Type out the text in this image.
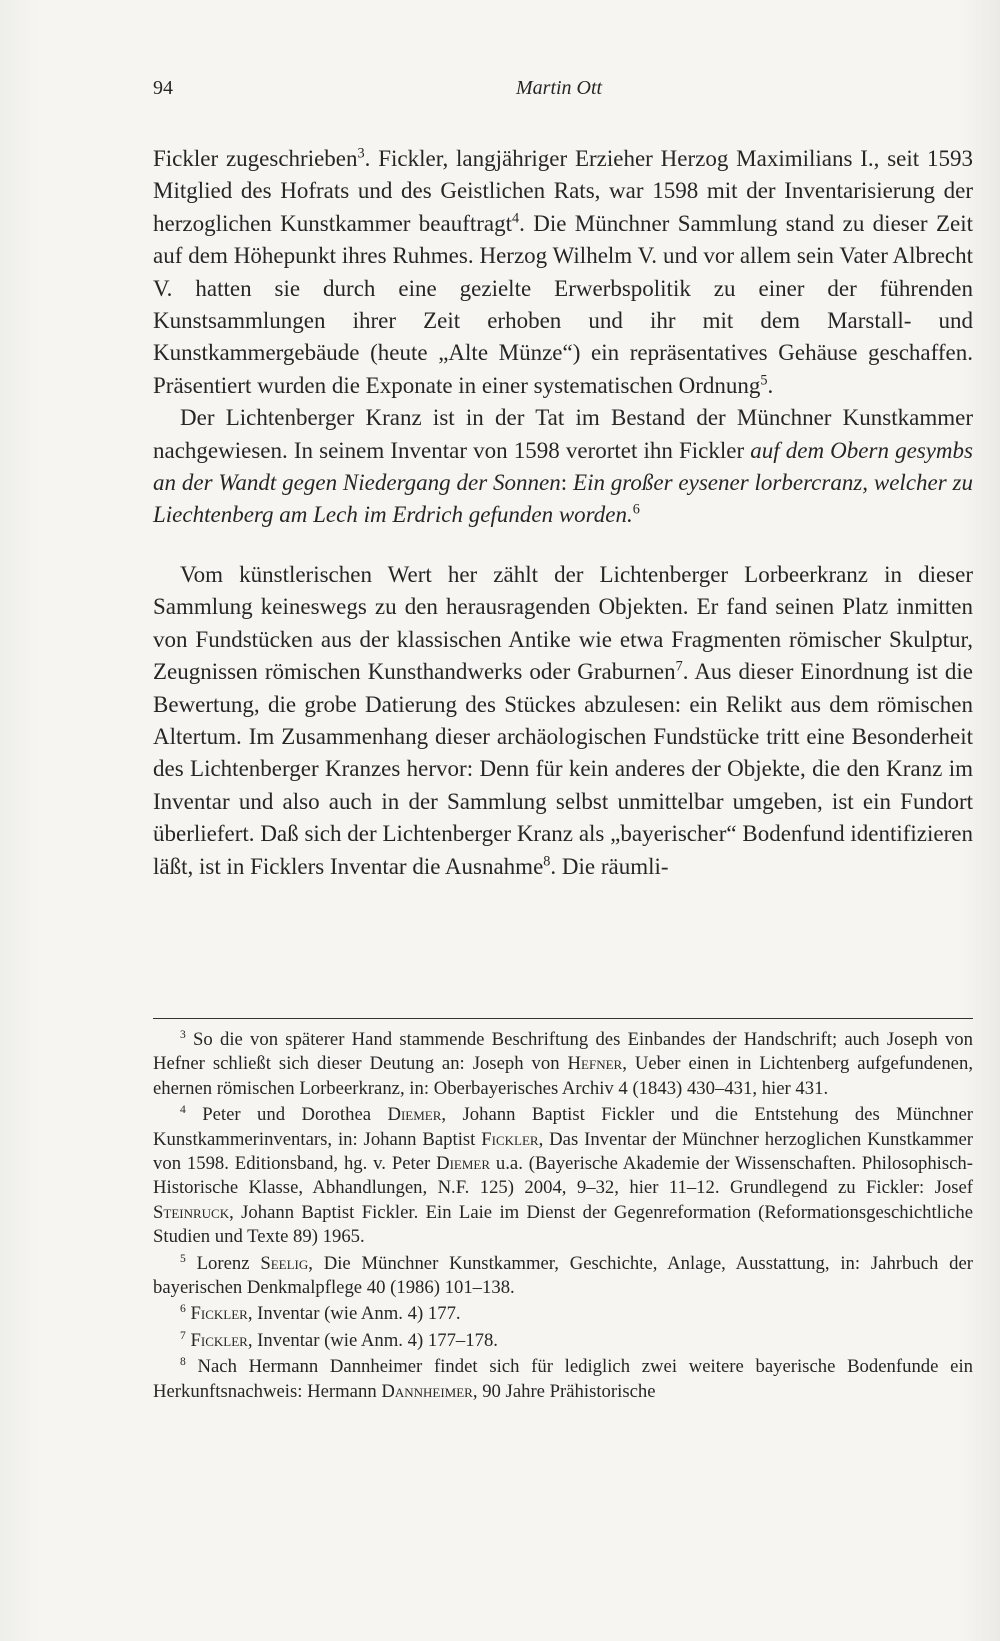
94	Martin Ott

Fickler zugeschrieben$^3$. Fickler, langjähriger Erzieher Herzog Maximilians I., seit 1593 Mitglied des Hofrats und des Geistlichen Rats, war 1598 mit der Inventarisierung der herzoglichen Kunstkammer beauftragt$^4$. Die Münchner Sammlung stand zu dieser Zeit auf dem Höhepunkt ihres Ruhmes. Herzog Wilhelm V. und vor allem sein Vater Albrecht V. hatten sie durch eine gezielte Erwerbspolitik zu einer der führenden Kunstsammlungen ihrer Zeit erhoben und ihr mit dem Marstall- und Kunstkammergebäude (heute „Alte Münze“) ein repräsentatives Gehäuse geschaffen. Präsentiert wurden die Exponate in einer systematischen Ordnung$^5$.

Der Lichtenberger Kranz ist in der Tat im Bestand der Münchner Kunstkammer nachgewiesen. In seinem Inventar von 1598 verortet ihn Fickler auf dem Obern gesymbs an der Wandt gegen Niedergang der Sonnen: Ein großer eysener lorbercranz, welcher zu Liechtenberg am Lech im Erdrich gefunden worden.$^6$

Vom künstlerischen Wert her zählt der Lichtenberger Lorbeerkranz in dieser Sammlung keineswegs zu den herausragenden Objekten. Er fand seinen Platz inmitten von Fundstücken aus der klassischen Antike wie etwa Fragmenten römischer Skulptur, Zeugnissen römischen Kunsthandwerks oder Graburnen$^7$. Aus dieser Einordnung ist die Bewertung, die grobe Datierung des Stückes abzulesen: ein Relikt aus dem römischen Altertum. Im Zusammenhang dieser archäologischen Fundstücke tritt eine Besonderheit des Lichtenberger Kranzes hervor: Denn für kein anderes der Objekte, die den Kranz im Inventar und also auch in der Sammlung selbst unmittelbar umgeben, ist ein Fundort überliefert. Daß sich der Lichtenberger Kranz als „bayerischer“ Bodenfund identifizieren läßt, ist in Ficklers Inventar die Ausnahme$^8$. Die räumli-

$^3$ So die von späterer Hand stammende Beschriftung des Einbandes der Handschrift; auch Joseph von Hefner schließt sich dieser Deutung an: Joseph von Hefner, Ueber einen in Lichtenberg aufgefundenen, ehernen römischen Lorbeerkranz, in: Oberbayerisches Archiv 4 (1843) 430–431, hier 431.

$^4$ Peter und Dorothea Diemer, Johann Baptist Fickler und die Entstehung des Münchner Kunstkammerinventars, in: Johann Baptist Fickler, Das Inventar der Münchner herzoglichen Kunstkammer von 1598. Editionsband, hg. v. Peter Diemer u.a. (Bayerische Akademie der Wissenschaften. Philosophisch-Historische Klasse, Abhandlungen, N.F. 125) 2004, 9–32, hier 11–12. Grundlegend zu Fickler: Josef Steinruck, Johann Baptist Fickler. Ein Laie im Dienst der Gegenreformation (Reformationsgeschichtliche Studien und Texte 89) 1965.

$^5$ Lorenz Seelig, Die Münchner Kunstkammer, Geschichte, Anlage, Ausstattung, in: Jahrbuch der bayerischen Denkmalpflege 40 (1986) 101–138.

$^6$ Fickler, Inventar (wie Anm. 4) 177.

$^7$ Fickler, Inventar (wie Anm. 4) 177–178.

$^8$ Nach Hermann Dannheimer findet sich für lediglich zwei weitere bayerische Bodenfunde ein Herkunftsnachweis: Hermann Dannheimer, 90 Jahre Prähistorische
